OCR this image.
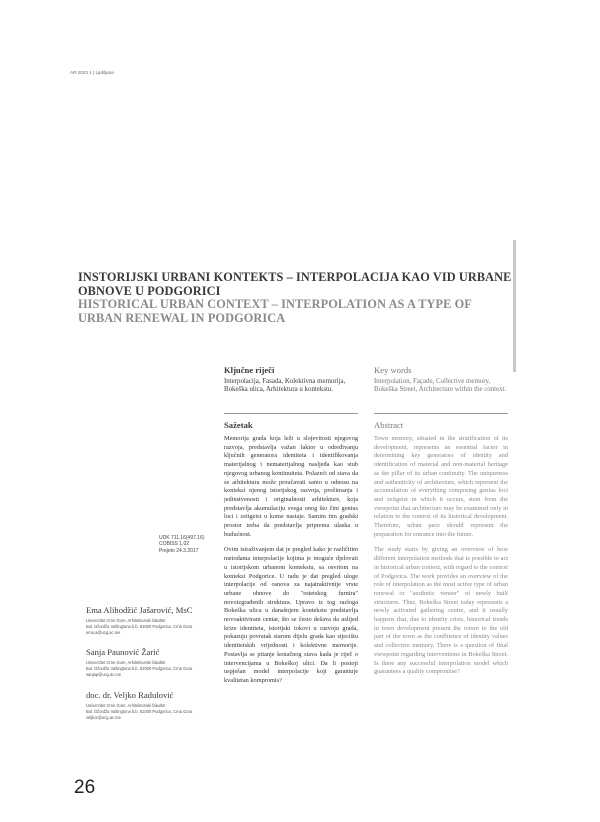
AR 2023 1 | Ljubljana
INSTORIJSKI URBANI KONTEKTS – INTERPOLACIJA KAO VID URBANE OBNOVE U PODGORICI
HISTORICAL URBAN CONTEXT – INTERPOLATION AS A TYPE OF URBAN RENEWAL IN PODGORICA
Ključne riječi
Interpolacija, Fasada, Kolektivna memorija, Bokeška ulica, Arhitektura u kontekstu.
Key words
Interpolation, Façade, Collective memory, Bokeška Street, Architecture within the context.
Sažetak

Memorija grada koja leži u slojevitosti njegovog razvoja, predstavlja važan faktor u određivanju ključnih generatora identiteta i identifikovanja materijalnog i nematerijalnog nasljeđa kao stub njegovog urbanog kontinuiteta. Polazeći od stava da se arhitektura može proučavati samo u odnosu na kontekst njenog istorijskog razvoja, prožimanja i jedinstvenosti i originalnosti arhitekture, koja predstavlja akumulaciju svega onog što čini genius loci i zeitgeist u kome nastaje. Samim tim gradski prostor treba da predstavlja pripremu ulaska u budućnost.

Ovim istraživanjem dat je pregled kako je različitim metodama interpolacije kojima je moguće djelovati u istorijskom urbanom kontekstu, sa osvrtom na kontekst Podgorice. U radu je dat pregled uloge interpolacije od osnova za najatraktivnije vrste urbane obnove do "estetskog furnira" novoizgrađenih struktura. Upravo iz tog razloga Bokeška ulica u današnjem kontekstu predstavlja novoaktivirani centar, što se često dešava da uslijed krize identiteta, istorijski tokovi u razvoju grada, pokazuju povratak starom dijelu grada kao stjecištu identitetskih vrijednosti i kolektivne memorije. Postavlja se pitanje konačnog stava kada je riječ o intervencijama u Bokeškoj ulici. Da li postoji uspješan model interpolacije koji garantuje kvalitetan kompromis?

Abstract

Town memory, situated in the stratification of its development, represents an essential factor in determining key generators of identity and identification of material and non-material heritage as the pillar of its urban continuity. The uniqueness and authenticity of architecture, which represent the accumulation of everything composing genius loci and zeitgeist in which it occurs, stem from the viewpoint that architecture may be examined only in relation to the context of its historical development. Therefore, urban pace should represent the preparation for entrance into the future.

The study starts by giving an overview of how different interpolation methods that is possible to act in historical urban context, with regard to the context of Podgorica. The work provides an overview of the role of interpolation as the most active type of urban renewal or "aesthetic veneer" of newly built structures. Thus, Bokeška Street today represents a newly activated gathering centre, and it usually happens that, due to identity crisis, historical trends in town development present the return to the old part of the town as the confluence of identity values and collective memory. There is a question of final viewpoint regarding interventions in Bokeška Street. Is there any successful interpolation model which guarantees a quality compromise?

UDK 711.16(497.16)
COBISS 1.02
Prejeto 24.3.2017
Ema Alihodžić Jašarović, MsC
Univerzitet Crne Gore, Arhitektonski fakultet
Bul. Džordža Vašingtona b.b. 81000 Podgorica, Crna Gora
ema.a@ucg.ac.me
Sanja Paunović Žarić
Univerzitet Crne Gore, Arhitektonski fakultet
Bul. Džordža Vašingtona b.b. 81000 Podgorica, Crna Gora
sanjap@ucg.ac.me
doc. dr. Veljko Radulović
Univerzitet Crne Gore, Arhitektonski fakultet
Bul. Džordža Vašingtona b.b. 81000 Podgorica, Crna Gora
veljkor@ucg.ac.me
26
